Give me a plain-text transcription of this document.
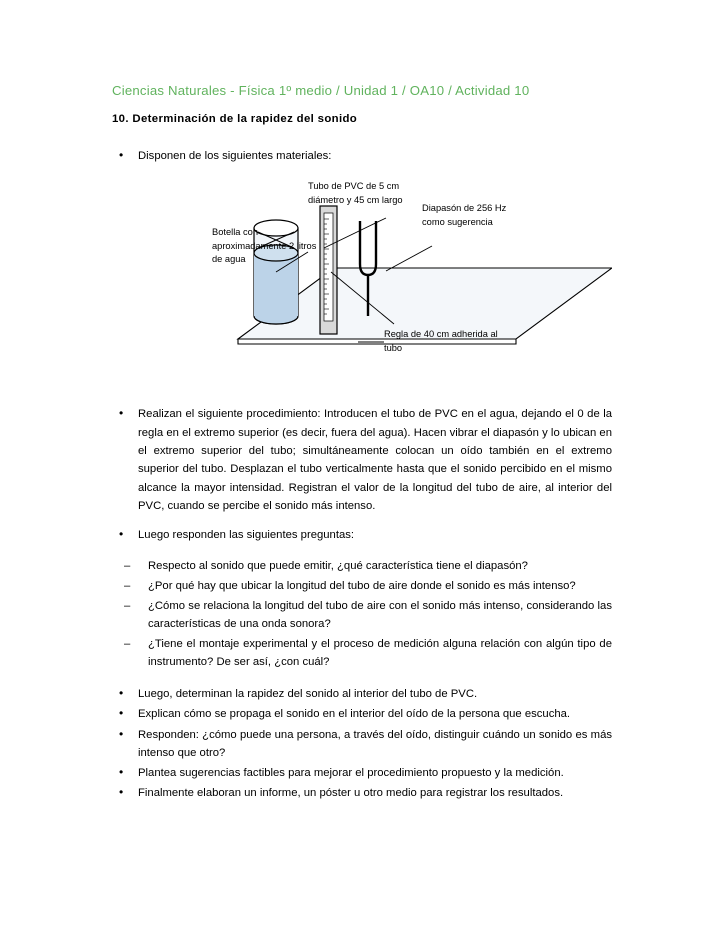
Ciencias Naturales - Física 1º medio / Unidad 1 / OA10 / Actividad 10
10. Determinación de la rapidez del sonido
• Disponen de los siguientes materiales:
Tubo de PVC de 5 cm diámetro y 45 cm largo
Diapasón de 256 Hz como sugerencia
Botella con aproximadamente 2 litros de agua
Regla de 40 cm adherida al tubo
• Realizan el siguiente procedimiento: Introducen el tubo de PVC en el agua, dejando el 0 de la regla en el extremo superior (es decir, fuera del agua). Hacen vibrar el diapasón y lo ubican en el extremo superior del tubo; simultáneamente colocan un oído también en el extremo superior del tubo. Desplazan el tubo verticalmente hasta que el sonido percibido en el mismo alcance la mayor intensidad. Registran el valor de la longitud del tubo de aire, al interior del PVC, cuando se percibe el sonido más intenso.
• Luego responden las siguientes preguntas:
– Respecto al sonido que puede emitir, ¿qué característica tiene el diapasón?
– ¿Por qué hay que ubicar la longitud del tubo de aire donde el sonido es más intenso?
– ¿Cómo se relaciona la longitud del tubo de aire con el sonido más intenso, considerando las características de una onda sonora?
– ¿Tiene el montaje experimental y el proceso de medición alguna relación con algún tipo de instrumento? De ser así, ¿con cuál?
• Luego, determinan la rapidez del sonido al interior del tubo de PVC.
• Explican cómo se propaga el sonido en el interior del oído de la persona que escucha.
• Responden: ¿cómo puede una persona, a través del oído, distinguir cuándo un sonido es más intenso que otro?
• Plantea sugerencias factibles para mejorar el procedimiento propuesto y la medición.
• Finalmente elaboran un informe, un póster u otro medio para registrar los resultados.
